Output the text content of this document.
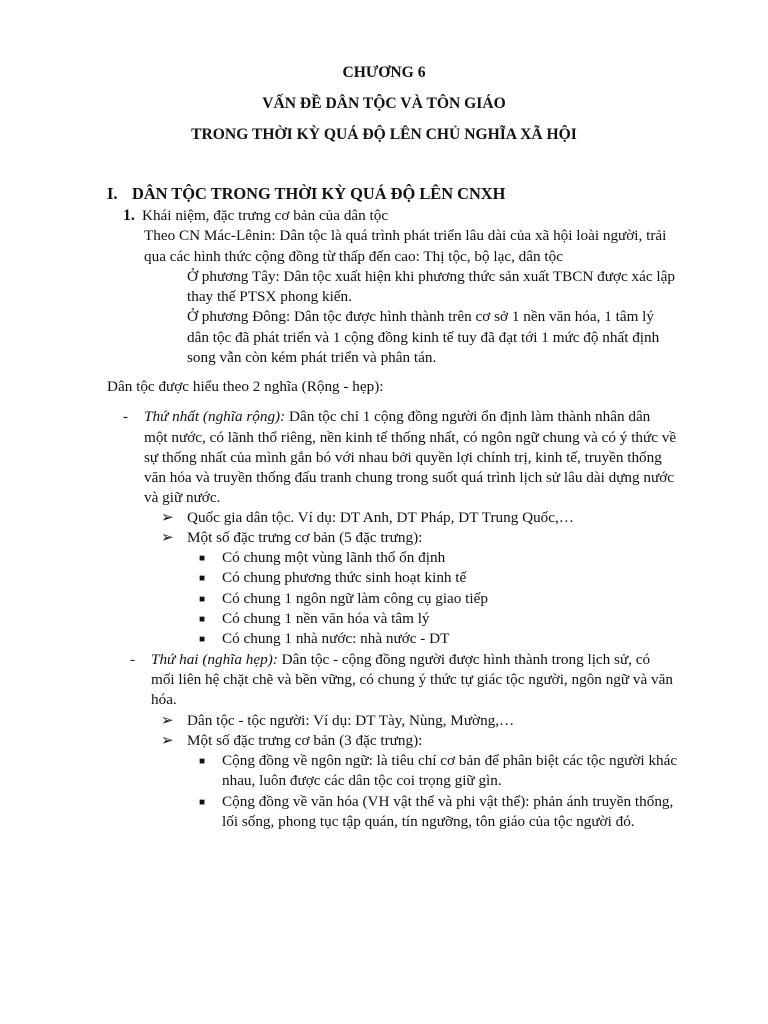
CHƯƠNG 6
VẤN ĐỀ DÂN TỘC VÀ TÔN GIÁO
TRONG THỜI KỲ QUÁ ĐỘ LÊN CHỦ NGHĨA XÃ HỘI
I. DÂN TỘC TRONG THỜI KỲ QUÁ ĐỘ LÊN CNXH
1. Khái niệm, đặc trưng cơ bản của dân tộc
Theo CN Mác-Lênin: Dân tộc là quá trình phát triển lâu dài của xã hội loài người, trải
qua các hình thức cộng đồng từ thấp đến cao: Thị tộc, bộ lạc, dân tộc
Ở phương Tây: Dân tộc xuất hiện khi phương thức sản xuất TBCN được xác lập
thay thế PTSX phong kiến.
Ở phương Đông: Dân tộc được hình thành trên cơ sở 1 nền văn hóa, 1 tâm lý
dân tộc đã phát triển và 1 cộng đồng kinh tế tuy đã đạt tới 1 mức độ nhất định
song vẫn còn kém phát triển và phân tán.
Dân tộc được hiểu theo 2 nghĩa (Rộng - hẹp):
- Thứ nhất (nghĩa rộng): Dân tộc chỉ 1 cộng đồng người ổn định làm thành nhân dân
một nước, có lãnh thổ riêng, nền kinh tế thống nhất, có ngôn ngữ chung và có ý thức về
sự thống nhất của mình gắn bó với nhau bởi quyền lợi chính trị, kinh tế, truyền thống
văn hóa và truyền thống đấu tranh chung trong suốt quá trình lịch sử lâu dài dựng nước
và giữ nước.
➢ Quốc gia dân tộc. Ví dụ: DT Anh, DT Pháp, DT Trung Quốc,…
➢ Một số đặc trưng cơ bản (5 đặc trưng):
■ Có chung một vùng lãnh thổ ổn định
■ Có chung phương thức sinh hoạt kinh tế
■ Có chung 1 ngôn ngữ làm công cụ giao tiếp
■ Có chung 1 nền văn hóa và tâm lý
■ Có chung 1 nhà nước: nhà nước - DT
- Thứ hai (nghĩa hẹp): Dân tộc - cộng đồng người được hình thành trong lịch sử, có
mối liên hệ chặt chẽ và bền vững, có chung ý thức tự giác tộc người, ngôn ngữ và văn
hóa.
➢ Dân tộc - tộc người: Ví dụ: DT Tày, Nùng, Mường,…
➢ Một số đặc trưng cơ bản (3 đặc trưng):
■ Cộng đồng về ngôn ngữ: là tiêu chí cơ bản để phân biệt các tộc người khác
nhau, luôn được các dân tộc coi trọng giữ gìn.
■ Cộng đồng về văn hóa (VH vật thể và phi vật thể): phản ánh truyền thống,
lối sống, phong tục tập quán, tín ngưỡng, tôn giáo của tộc người đó.
